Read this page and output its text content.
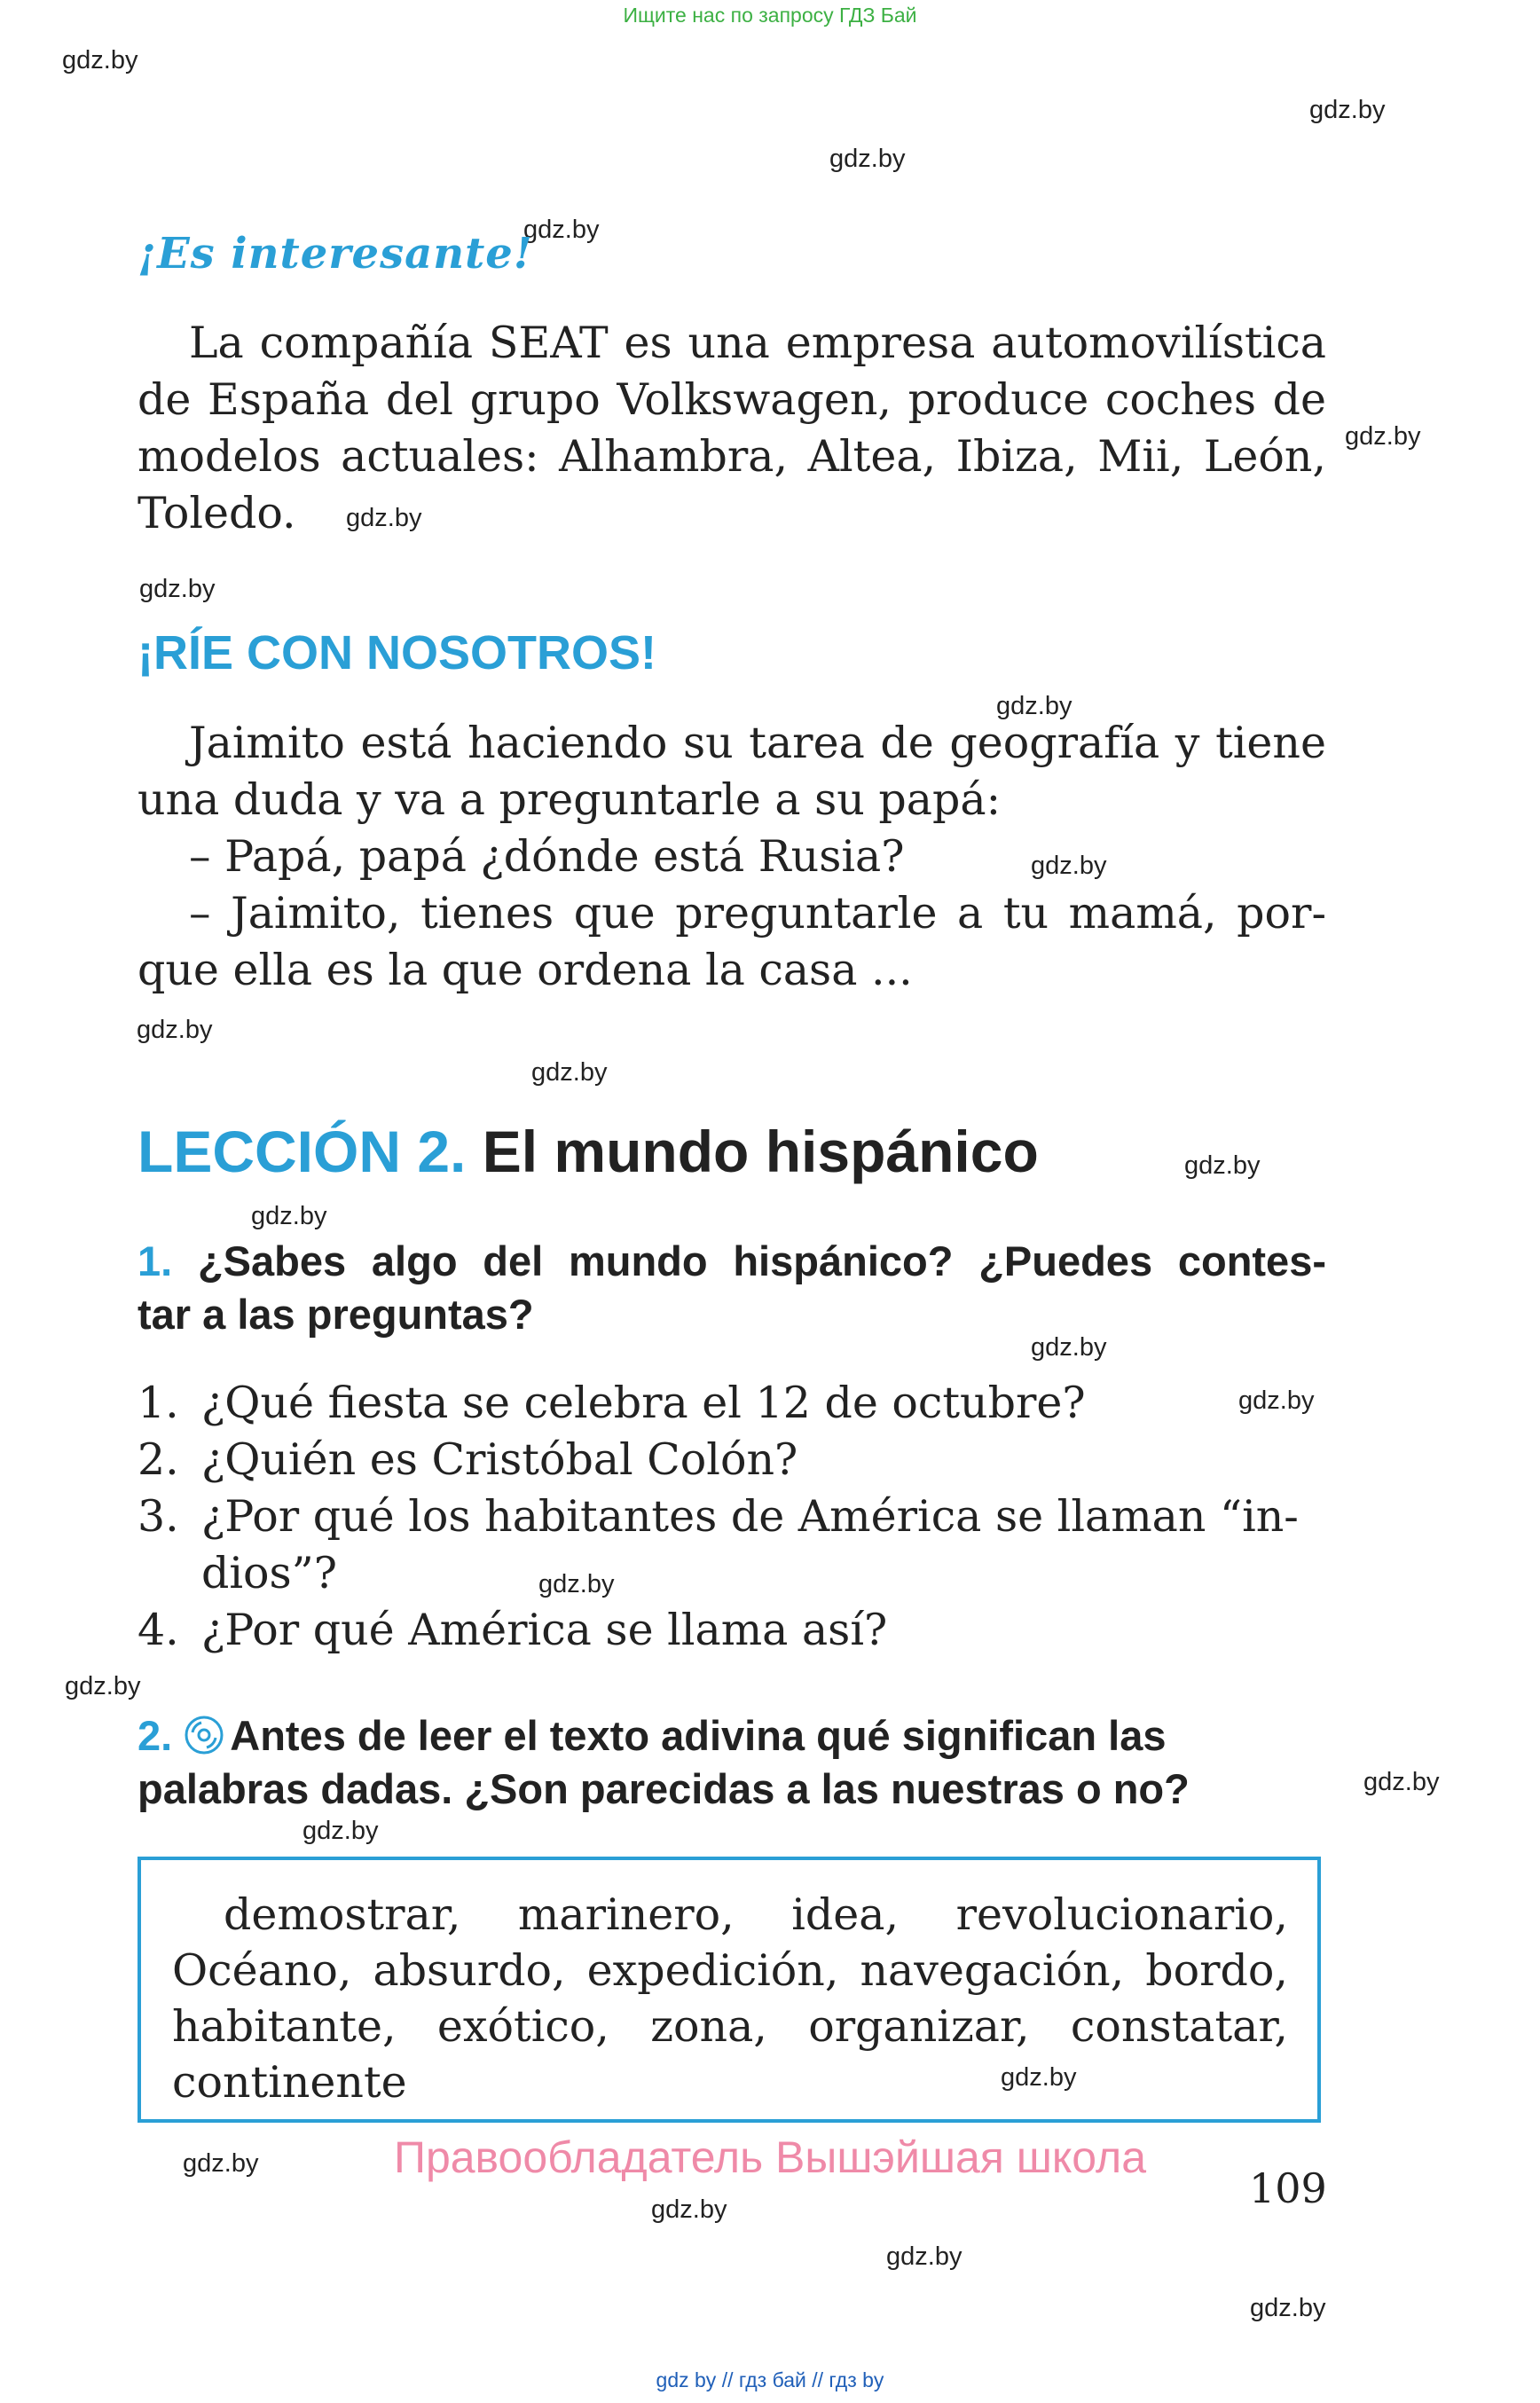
Ищите нас по запросу ГДЗ Бай
gdz.by
gdz.by
gdz.by
gdz.by
gdz.by
gdz.by
gdz.by
gdz.by
gdz.by
gdz.by
gdz.by
gdz.by
gdz.by
gdz.by
gdz.by
gdz.by
gdz.by
gdz.by
gdz.by
gdz.by
gdz.by
gdz.by
gdz.by
gdz.by
¡Es interesante!
La compañía SEAT es una empresa automovilística
de España del grupo Volkswagen, produce coches de
modelos actuales: Alhambra, Altea, Ibiza, Mii, León,
Toledo.
¡RÍE CON NOSOTROS!
Jaimito está haciendo su tarea de geografía y tiene
una duda y va a preguntarle a su papá:
– Papá, papá ¿dónde está Rusia?
– Jaimito, tienes que preguntarle a tu mamá, por-
que ella es la que ordena la casa ...
LECCIÓN 2. El mundo hispánico
1. ¿Sabes algo del mundo hispánico? ¿Puedes contes-
tar a las preguntas?
1. ¿Qué fiesta se celebra el 12 de octubre?
2. ¿Quién es Cristóbal Colón?
3. ¿Por qué los habitantes de América se llaman “in-
dios”?
4. ¿Por qué América se llama así?
2. Antes de leer el texto adivina qué significan las
palabras dadas. ¿Son parecidas a las nuestras o no?
demostrar, marinero, idea, revolucionario,
Océano, absurdo, expedición, navegación, bordo,
habitante, exótico, zona, organizar, constatar,
continente
Правообладатель Вышэйшая школа
109
gdz by // гдз бай // гдз by
